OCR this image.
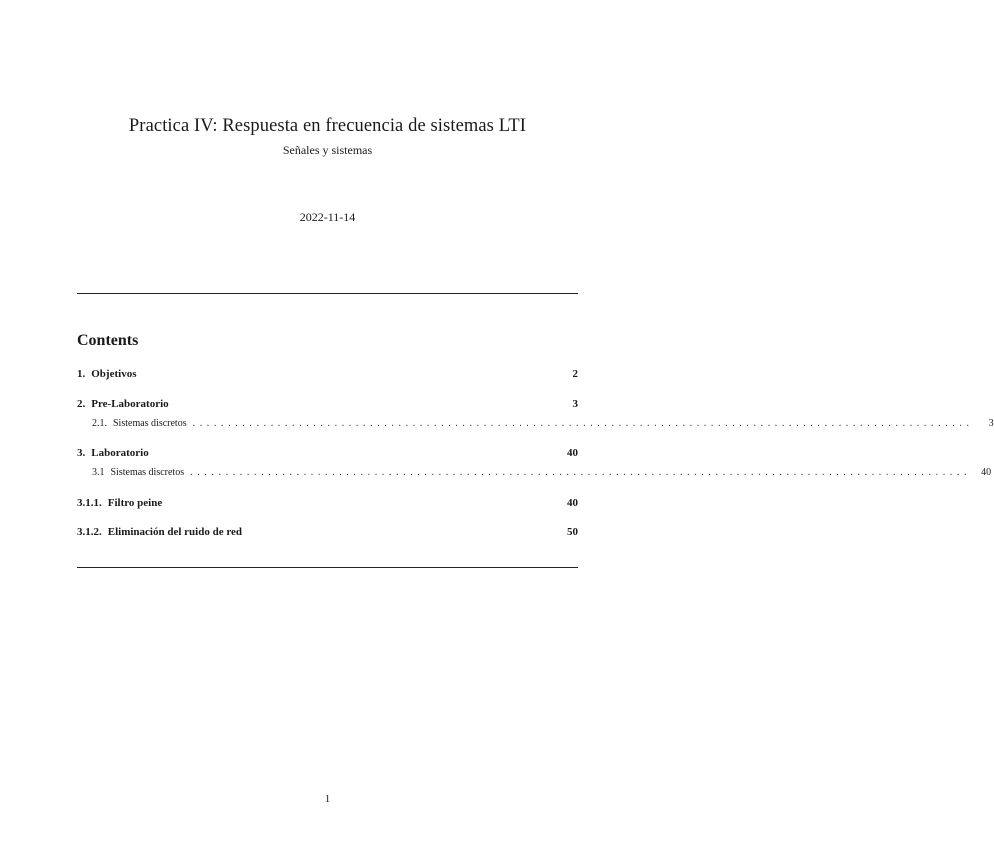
Practica IV: Respuesta en frecuencia de sistemas LTI
Señales y sistemas
2022-11-14
Contents
1. Objetivos	2
2. Pre-Laboratorio	3
2.1. Sistemas discretos ..............................................................................................................	3
3. Laboratorio	40
3.1 Sistemas discretos ..............................................................................................................	40
3.1.1. Filtro peine	40
3.1.2. Eliminación del ruido de red	50
1
